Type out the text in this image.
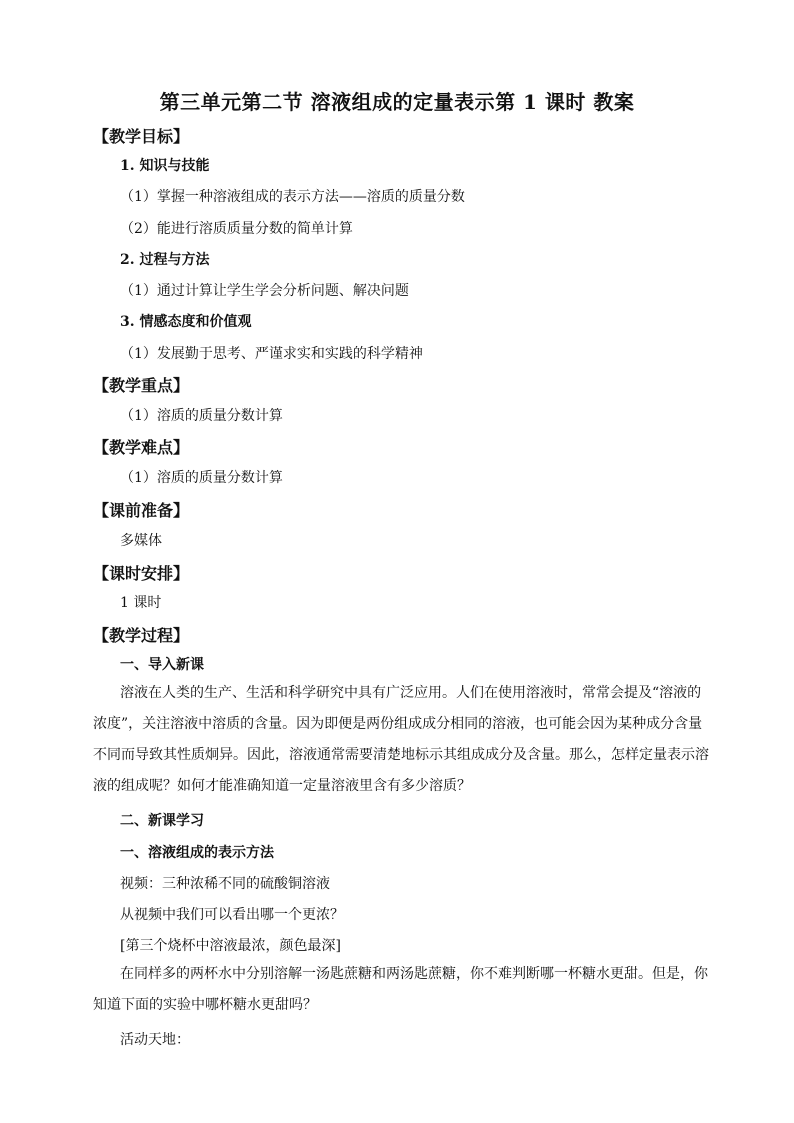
第三单元第二节 溶液组成的定量表示第 1 课时 教案
【教学目标】
1. 知识与技能
（1）掌握一种溶液组成的表示方法——溶质的质量分数
（2）能进行溶质质量分数的简单计算
2. 过程与方法
（1）通过计算让学生学会分析问题、解决问题
3. 情感态度和价值观
（1）发展勤于思考、严谨求实和实践的科学精神
【教学重点】
（1）溶质的质量分数计算
【教学难点】
（1）溶质的质量分数计算
【课前准备】
多媒体
【课时安排】
1 课时
【教学过程】
一、导入新课
溶液在人类的生产、生活和科学研究中具有广泛应用。人们在使用溶液时，常常会提及“溶液的
浓度”，关注溶液中溶质的含量。因为即便是两份组成成分相同的溶液，也可能会因为某种成分含量
不同而导致其性质炯异。因此，溶液通常需要清楚地标示其组成成分及含量。那么，怎样定量表示溶
液的组成呢？如何才能准确知道一定量溶液里含有多少溶质？
二、新课学习
一、溶液组成的表示方法
视频：三种浓稀不同的硫酸铜溶液
从视频中我们可以看出哪一个更浓？
[第三个烧杯中溶液最浓，颜色最深]
在同样多的两杯水中分别溶解一汤匙蔗糖和两汤匙蔗糖，你不难判断哪一杯糖水更甜。但是，你
知道下面的实验中哪杯糖水更甜吗？
活动天地：
